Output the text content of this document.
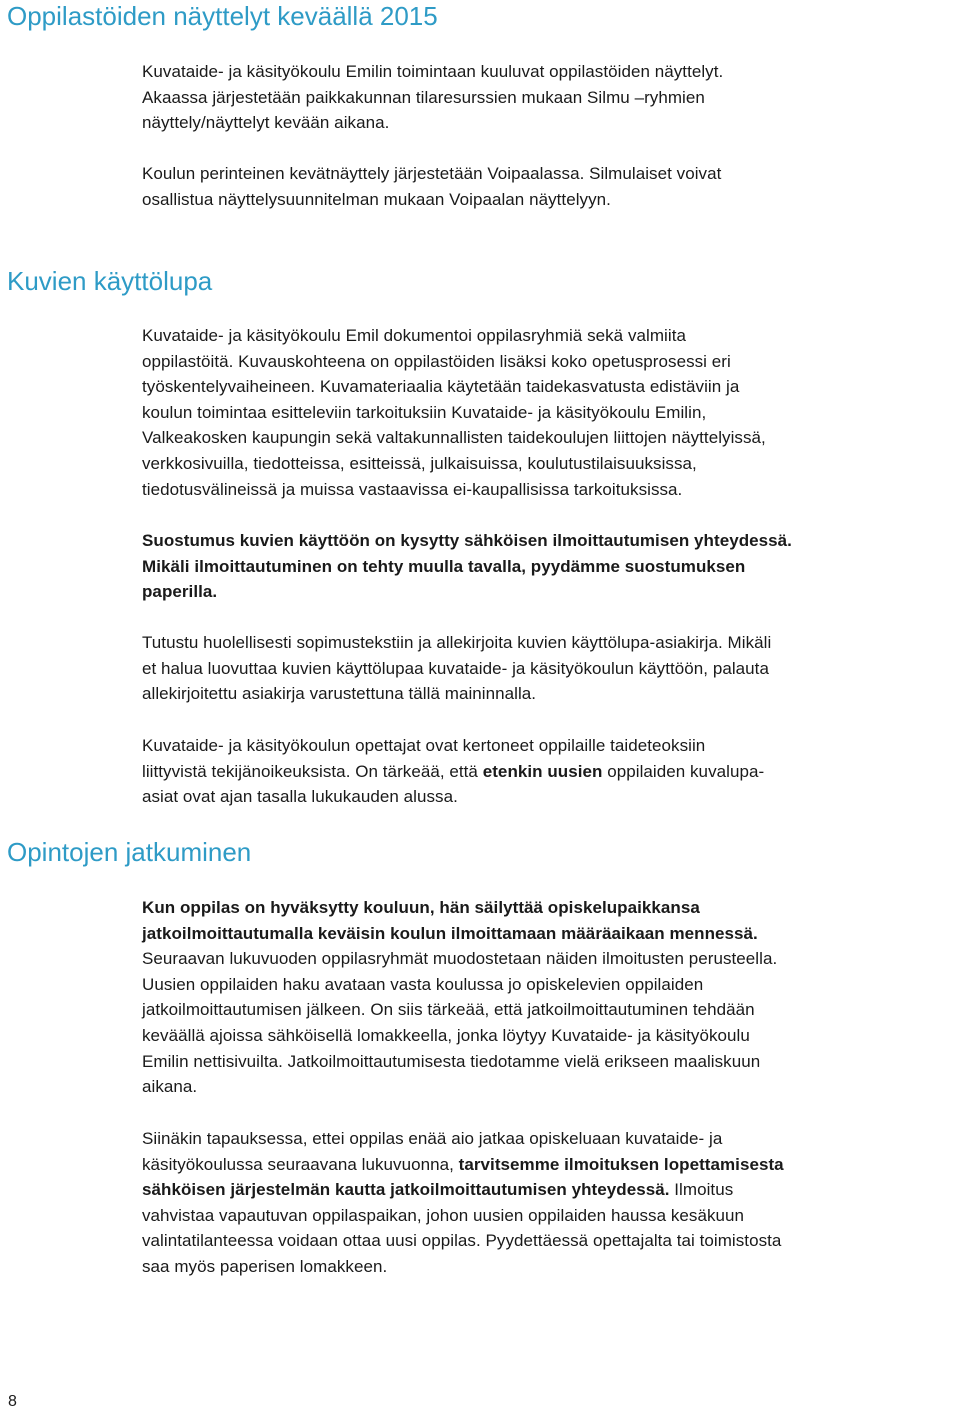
Oppilastöiden näyttelyt keväällä 2015
Kuvataide- ja käsityökoulu Emilin toimintaan kuuluvat oppilastöiden näyttelyt.
Akaassa järjestetään paikkakunnan tilaresurssien mukaan Silmu –ryhmien
näyttely/näyttelyt kevään aikana.
Koulun perinteinen kevätnäyttely järjestetään Voipaalassa. Silmulaiset voivat
osallistua näyttelysuunnitelman mukaan Voipaalan näyttelyyn.
Kuvien käyttölupa
Kuvataide- ja käsityökoulu Emil dokumentoi oppilasryhmiä sekä valmiita
oppilastöitä. Kuvauskohteena on oppilastöiden lisäksi koko opetusprosessi eri
työskentelyvaiheineen. Kuvamateriaalia käytetään taidekasvatusta edistäviin ja
koulun toimintaa esitteleviin tarkoituksiin Kuvataide- ja käsityökoulu Emilin,
Valkeakosken kaupungin sekä valtakunnallisten taidekoulujen liittojen näyttelyissä,
verkkosivuilla, tiedotteissa, esitteissä, julkaisuissa, koulutustilaisuuksissa,
tiedotusvälineissä ja muissa vastaavissa ei-kaupallisissa tarkoituksissa.
Suostumus kuvien käyttöön on kysytty sähköisen ilmoittautumisen yhteydessä.
Mikäli ilmoittautuminen on tehty muulla tavalla, pyydämme suostumuksen
paperilla.
Tutustu huolellisesti sopimustekstiin ja allekirjoita kuvien käyttölupa-asiakirja. Mikäli
et halua luovuttaa kuvien käyttölupaa kuvataide- ja käsityökoulun käyttöön, palauta
allekirjoitettu asiakirja varustettuna tällä maininnalla.
Kuvataide- ja käsityökoulun opettajat ovat kertoneet oppilaille taideteoksiin
liittyvistä tekijänoikeuksista. On tärkeää, että etenkin uusien oppilaiden kuvalupa-
asiat ovat ajan tasalla lukukauden alussa.
Opintojen jatkuminen
Kun oppilas on hyväksytty kouluun, hän säilyttää opiskelupaikkansa
jatkoilmoittautumalla keväisin koulun ilmoittamaan määräaikaan mennessä.
Seuraavan lukuvuoden oppilasryhmät muodostetaan näiden ilmoitusten perusteella.
Uusien oppilaiden haku avataan vasta koulussa jo opiskelevien oppilaiden
jatkoilmoittautumisen jälkeen. On siis tärkeää, että jatkoilmoittautuminen tehdään
keväällä ajoissa sähköisellä lomakkeella, jonka löytyy Kuvataide- ja käsityökoulu
Emilin nettisivuilta. Jatkoilmoittautumisesta tiedotamme vielä erikseen maaliskuun
aikana.
Siinäkin tapauksessa, ettei oppilas enää aio jatkaa opiskeluaan kuvataide- ja
käsityökoulussa seuraavana lukuvuonna, tarvitsemme ilmoituksen lopettamisesta
sähköisen järjestelmän kautta jatkoilmoittautumisen yhteydessä. Ilmoitus
vahvistaa vapautuvan oppilaspaikan, johon uusien oppilaiden haussa kesäkuun
valintatilanteessa voidaan ottaa uusi oppilas. Pyydettäessä opettajalta tai toimistosta
saa myös paperisen lomakkeen.
8
